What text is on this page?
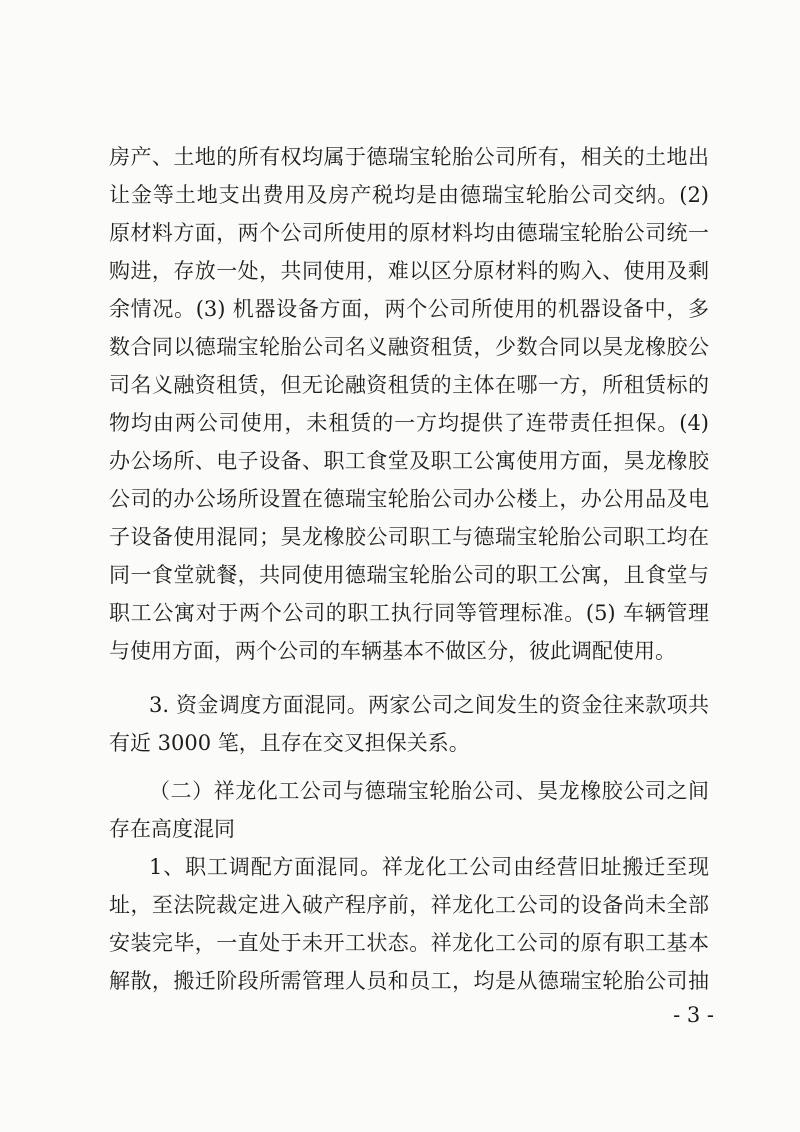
房产、土地的所有权均属于德瑞宝轮胎公司所有，相关的土地出

让金等土地支出费用及房产税均是由德瑞宝轮胎公司交纳。(2)

原材料方面，两个公司所使用的原材料均由德瑞宝轮胎公司统一

购进，存放一处，共同使用，难以区分原材料的购入、使用及剩

余情况。(3) 机器设备方面，两个公司所使用的机器设备中，多

数合同以德瑞宝轮胎公司名义融资租赁，少数合同以昊龙橡胶公

司名义融资租赁，但无论融资租赁的主体在哪一方，所租赁标的

物均由两公司使用，未租赁的一方均提供了连带责任担保。(4)

办公场所、电子设备、职工食堂及职工公寓使用方面，昊龙橡胶

公司的办公场所设置在德瑞宝轮胎公司办公楼上，办公用品及电

子设备使用混同；昊龙橡胶公司职工与德瑞宝轮胎公司职工均在

同一食堂就餐，共同使用德瑞宝轮胎公司的职工公寓，且食堂与

职工公寓对于两个公司的职工执行同等管理标准。(5) 车辆管理

与使用方面，两个公司的车辆基本不做区分，彼此调配使用。

3. 资金调度方面混同。两家公司之间发生的资金往来款项共

有近 3000 笔，且存在交叉担保关系。

（二）祥龙化工公司与德瑞宝轮胎公司、昊龙橡胶公司之间

存在高度混同

1、职工调配方面混同。祥龙化工公司由经营旧址搬迁至现

址，至法院裁定进入破产程序前，祥龙化工公司的设备尚未全部

安装完毕，一直处于未开工状态。祥龙化工公司的原有职工基本

解散，搬迁阶段所需管理人员和员工，均是从德瑞宝轮胎公司抽

- 3 -
